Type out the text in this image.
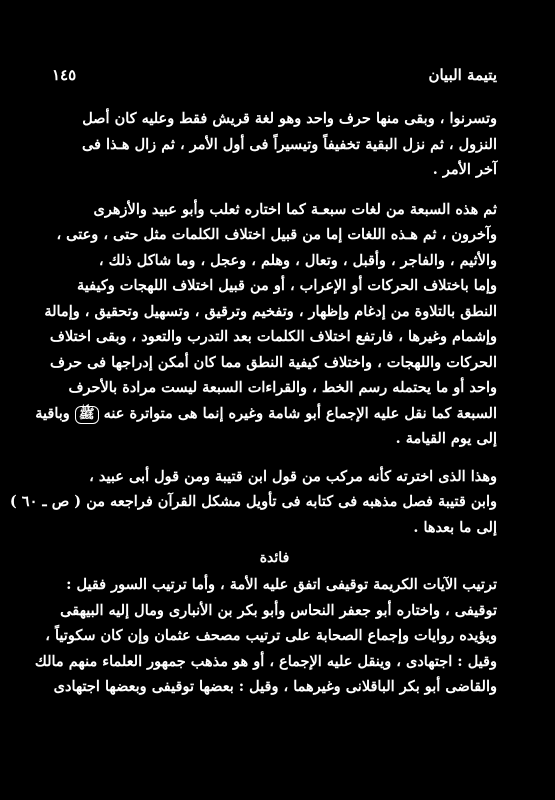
يتيمة البيان
١٤٥
وتسرنوا ، وبقى منها حرف واحد وهو لغة قريش فقط وعليه كان أصل
النزول ، ثم نزل البقية تخفيفاً وتيسيراً فى أول الأمر ، ثم زال هـذا فى
آخر الأمر .
ثم هذه السبعة من لغات سبعـة كما اختاره ثعلب وأبو عبيد والأزهرى
وآخرون ، ثم هـذه اللغات إما من قبيل اختلاف الكلمات مثل حتى ، وعتى ،
والأثيم ، والفاجر ، وأقبل ، وتعال ، وهلم ، وعجل ، وما شاكل ذلك ،
وإما باختلاف الحركات أو الإعراب ، أو من قبيل اختلاف اللهجات وكيفية
النطق بالتلاوة من إدغام وإظهار ، وتفخيم وترقيق ، وتسهيل وتحقيق ، وإمالة
وإشمام وغيرها ، فارتفع اختلاف الكلمات بعد التدرب والتعود ، وبقى اختلاف
الحركات واللهجات ، واختلاف كيفية النطق مما كان أمكن إدراجها فى حرف
واحد أو ما يحتمله رسم الخط ، والقراءات السبعة ليست مرادة بالأحرف
السبعة كما نقل عليه الإجماع أبو شامة وغيره إنما هى متواترة عنه ﷺ وباقية
إلى يوم القيامة .
وهذا الذى اخترته كأنه مركب من قول ابن قتيبة ومن قول أبى عبيد ،
وابن قتيبة فصل مذهبه فى كتابه فى تأويل مشكل القرآن فراجعه من ( ص ـ ٦٠ )
إلى ما بعدها .
فائدة
ترتيب الآيات الكريمة توقيفى اتفق عليه الأمة ، وأما ترتيب السور فقيل :
توقيفى ، واختاره أبو جعفر النحاس وأبو بكر بن الأنبارى ومال إليه البيهقى
ويؤيده روايات وإجماع الصحابة على ترتيب مصحف عثمان وإن كان سكوتياً ،
وقيل : اجتهادى ، وينقل عليه الإجماع ، أو هو مذهب جمهور العلماء منهم مالك
والقاضى أبو بكر الباقلانى وغيرهما ، وقيل : بعضها توقيفى وبعضها اجتهادى
